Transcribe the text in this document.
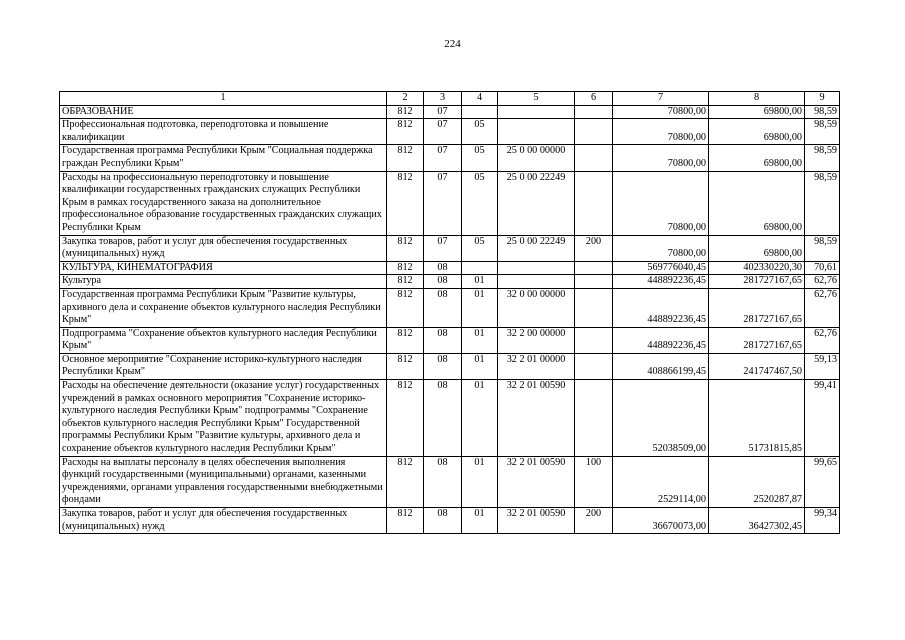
224
1	2	3	4	5	6	7	8	9
ОБРАЗОВАНИЕ	812	07				70800,00	69800,00	98,59
Профессиональная подготовка, переподготовка и повышение квалификации	812	07	05			70800,00	69800,00	98,59
Государственная программа Республики Крым "Социальная поддержка граждан Республики Крым"	812	07	05	25 0 00 00000		70800,00	69800,00	98,59
Расходы на профессиональную переподготовку и повышение квалификации государственных гражданских служащих Республики Крым в рамках государственного заказа на дополнительное профессиональное образование государственных гражданских служащих Республики Крым	812	07	05	25 0 00 22249		70800,00	69800,00	98,59
Закупка товаров, работ и услуг для обеспечения государственных (муниципальных) нужд	812	07	05	25 0 00 22249	200	70800,00	69800,00	98,59
КУЛЬТУРА, КИНЕМАТОГРАФИЯ	812	08				569776040,45	402330220,30	70,61
Культура	812	08	01			448892236,45	281727167,65	62,76
Государственная программа Республики Крым "Развитие культуры, архивного дела и сохранение объектов культурного наследия Республики Крым"	812	08	01	32 0 00 00000		448892236,45	281727167,65	62,76
Подпрограмма "Сохранение объектов культурного наследия Республики Крым"	812	08	01	32 2 00 00000		448892236,45	281727167,65	62,76
Основное мероприятие "Сохранение историко-культурного наследия Республики Крым"	812	08	01	32 2 01 00000		408866199,45	241747467,50	59,13
Расходы на обеспечение деятельности (оказание услуг) государственных учреждений в рамках основного мероприятия "Сохранение историко-культурного наследия Республики Крым" подпрограммы "Сохранение объектов культурного наследия Республики Крым" Государственной программы Республики Крым "Развитие культуры, архивного дела и сохранение объектов культурного наследия Республики Крым"	812	08	01	32 2 01 00590		52038509,00	51731815,85	99,41
Расходы на выплаты персоналу в целях обеспечения выполнения функций государственными (муниципальными) органами, казенными учреждениями, органами управления государственными внебюджетными фондами	812	08	01	32 2 01 00590	100	2529114,00	2520287,87	99,65
Закупка товаров, работ и услуг для обеспечения государственных (муниципальных) нужд	812	08	01	32 2 01 00590	200	36670073,00	36427302,45	99,34
